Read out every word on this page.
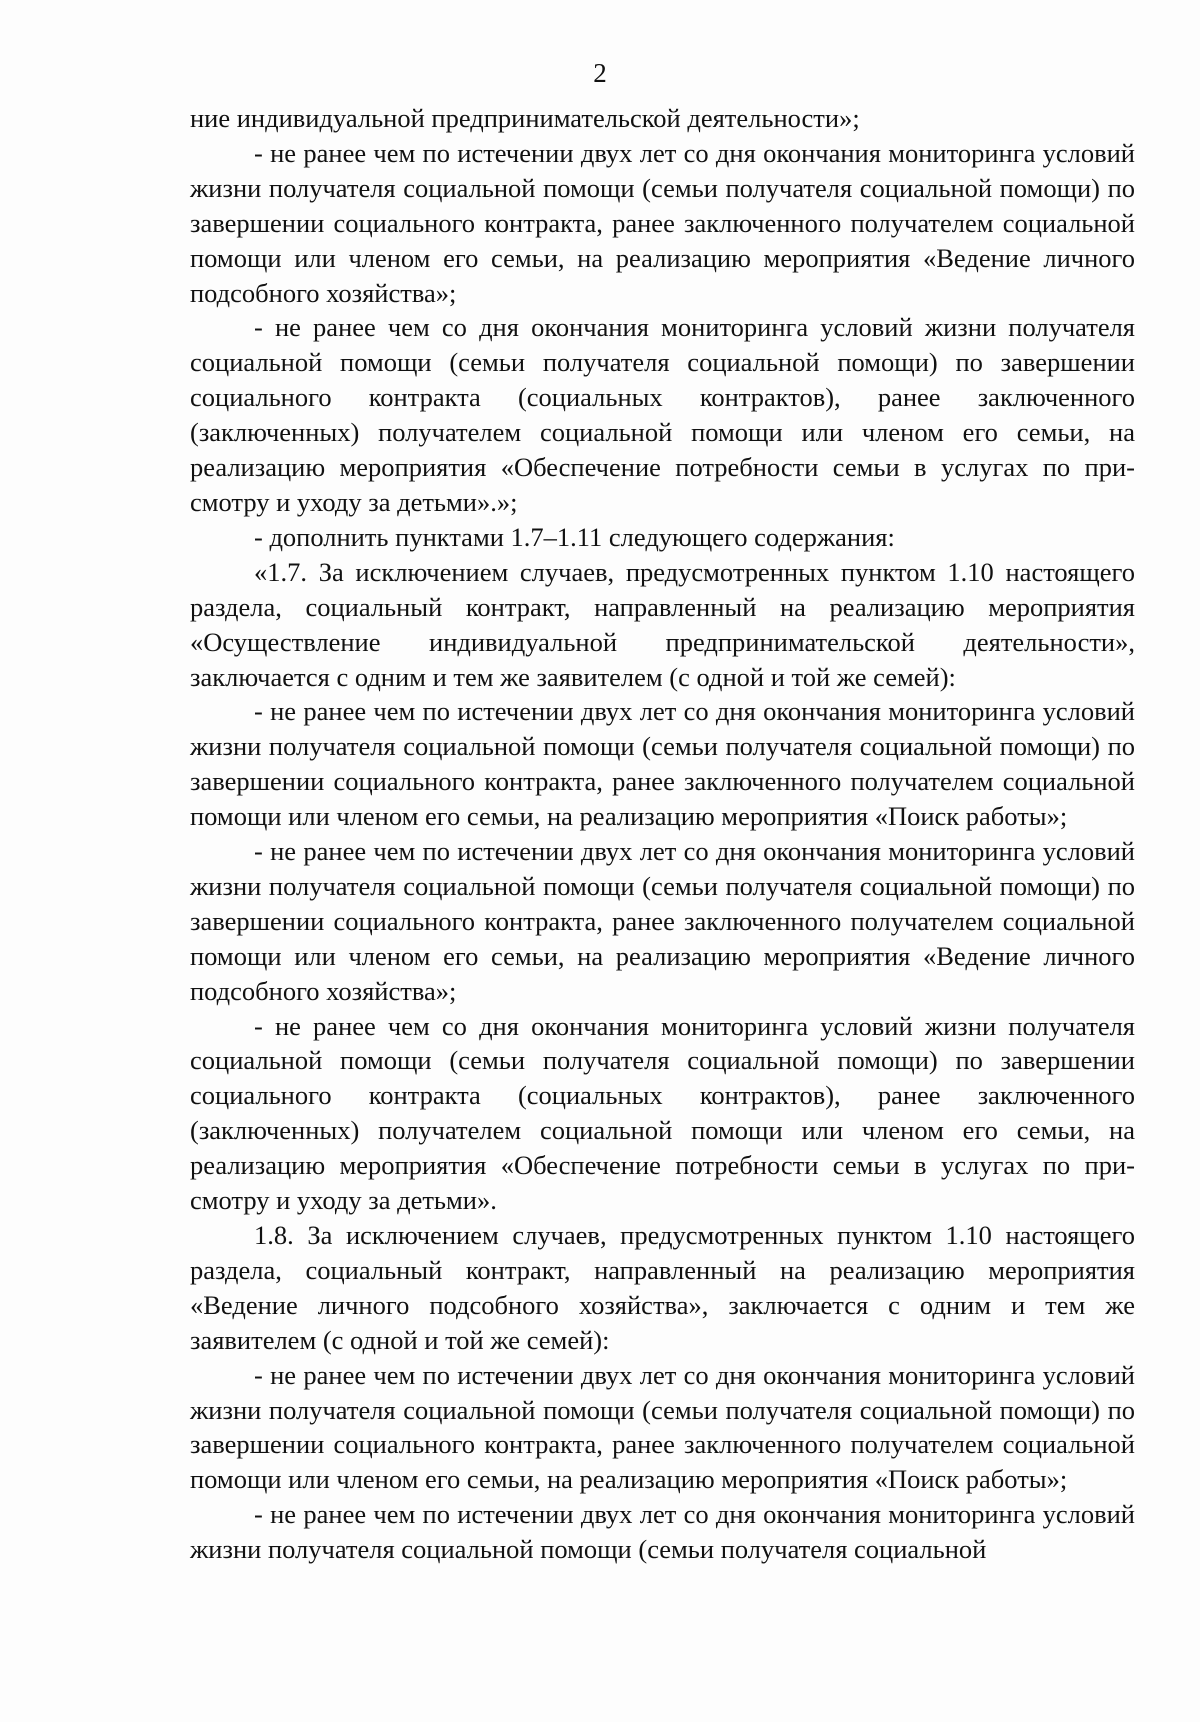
2

ние индивидуальной предпринимательской деятельности»;

- не ранее чем по истечении двух лет со дня окончания мониторинга условий жизни получателя социальной помощи (семьи получателя социальной помощи) по завершении социального контракта, ранее заключенного получателем социальной помощи или членом его семьи, на реализацию мероприятия «Ведение личного подсобного хозяйства»;

- не ранее чем со дня окончания мониторинга условий жизни получателя социальной помощи (семьи получателя социальной помощи) по завершении социального контракта (социальных контрактов), ранее заключенного (заключенных) получателем социальной помощи или членом его семьи, на реализацию мероприятия «Обеспечение потребности семьи в услугах по присмотру и уходу за детьми».»;

- дополнить пунктами 1.7–1.11 следующего содержания:

«1.7. За исключением случаев, предусмотренных пунктом 1.10 настоящего раздела, социальный контракт, направленный на реализацию мероприятия «Осуществление индивидуальной предпринимательской деятельности», заключается с одним и тем же заявителем (с одной и той же семей):

- не ранее чем по истечении двух лет со дня окончания мониторинга условий жизни получателя социальной помощи (семьи получателя социальной помощи) по завершении социального контракта, ранее заключенного получателем социальной помощи или членом его семьи, на реализацию мероприятия «Поиск работы»;

- не ранее чем по истечении двух лет со дня окончания мониторинга условий жизни получателя социальной помощи (семьи получателя социальной помощи) по завершении социального контракта, ранее заключенного получателем социальной помощи или членом его семьи, на реализацию мероприятия «Ведение личного подсобного хозяйства»;

- не ранее чем со дня окончания мониторинга условий жизни получателя социальной помощи (семьи получателя социальной помощи) по завершении социального контракта (социальных контрактов), ранее заключенного (заключенных) получателем социальной помощи или членом его семьи, на реализацию мероприятия «Обеспечение потребности семьи в услугах по присмотру и уходу за детьми».

1.8. За исключением случаев, предусмотренных пунктом 1.10 настоящего раздела, социальный контракт, направленный на реализацию мероприятия «Ведение личного подсобного хозяйства», заключается с одним и тем же заявителем (с одной и той же семей):

- не ранее чем по истечении двух лет со дня окончания мониторинга условий жизни получателя социальной помощи (семьи получателя социальной помощи) по завершении социального контракта, ранее заключенного получателем социальной помощи или членом его семьи, на реализацию мероприятия «Поиск работы»;

- не ранее чем по истечении двух лет со дня окончания мониторинга условий жизни получателя социальной помощи (семьи получателя социальной
